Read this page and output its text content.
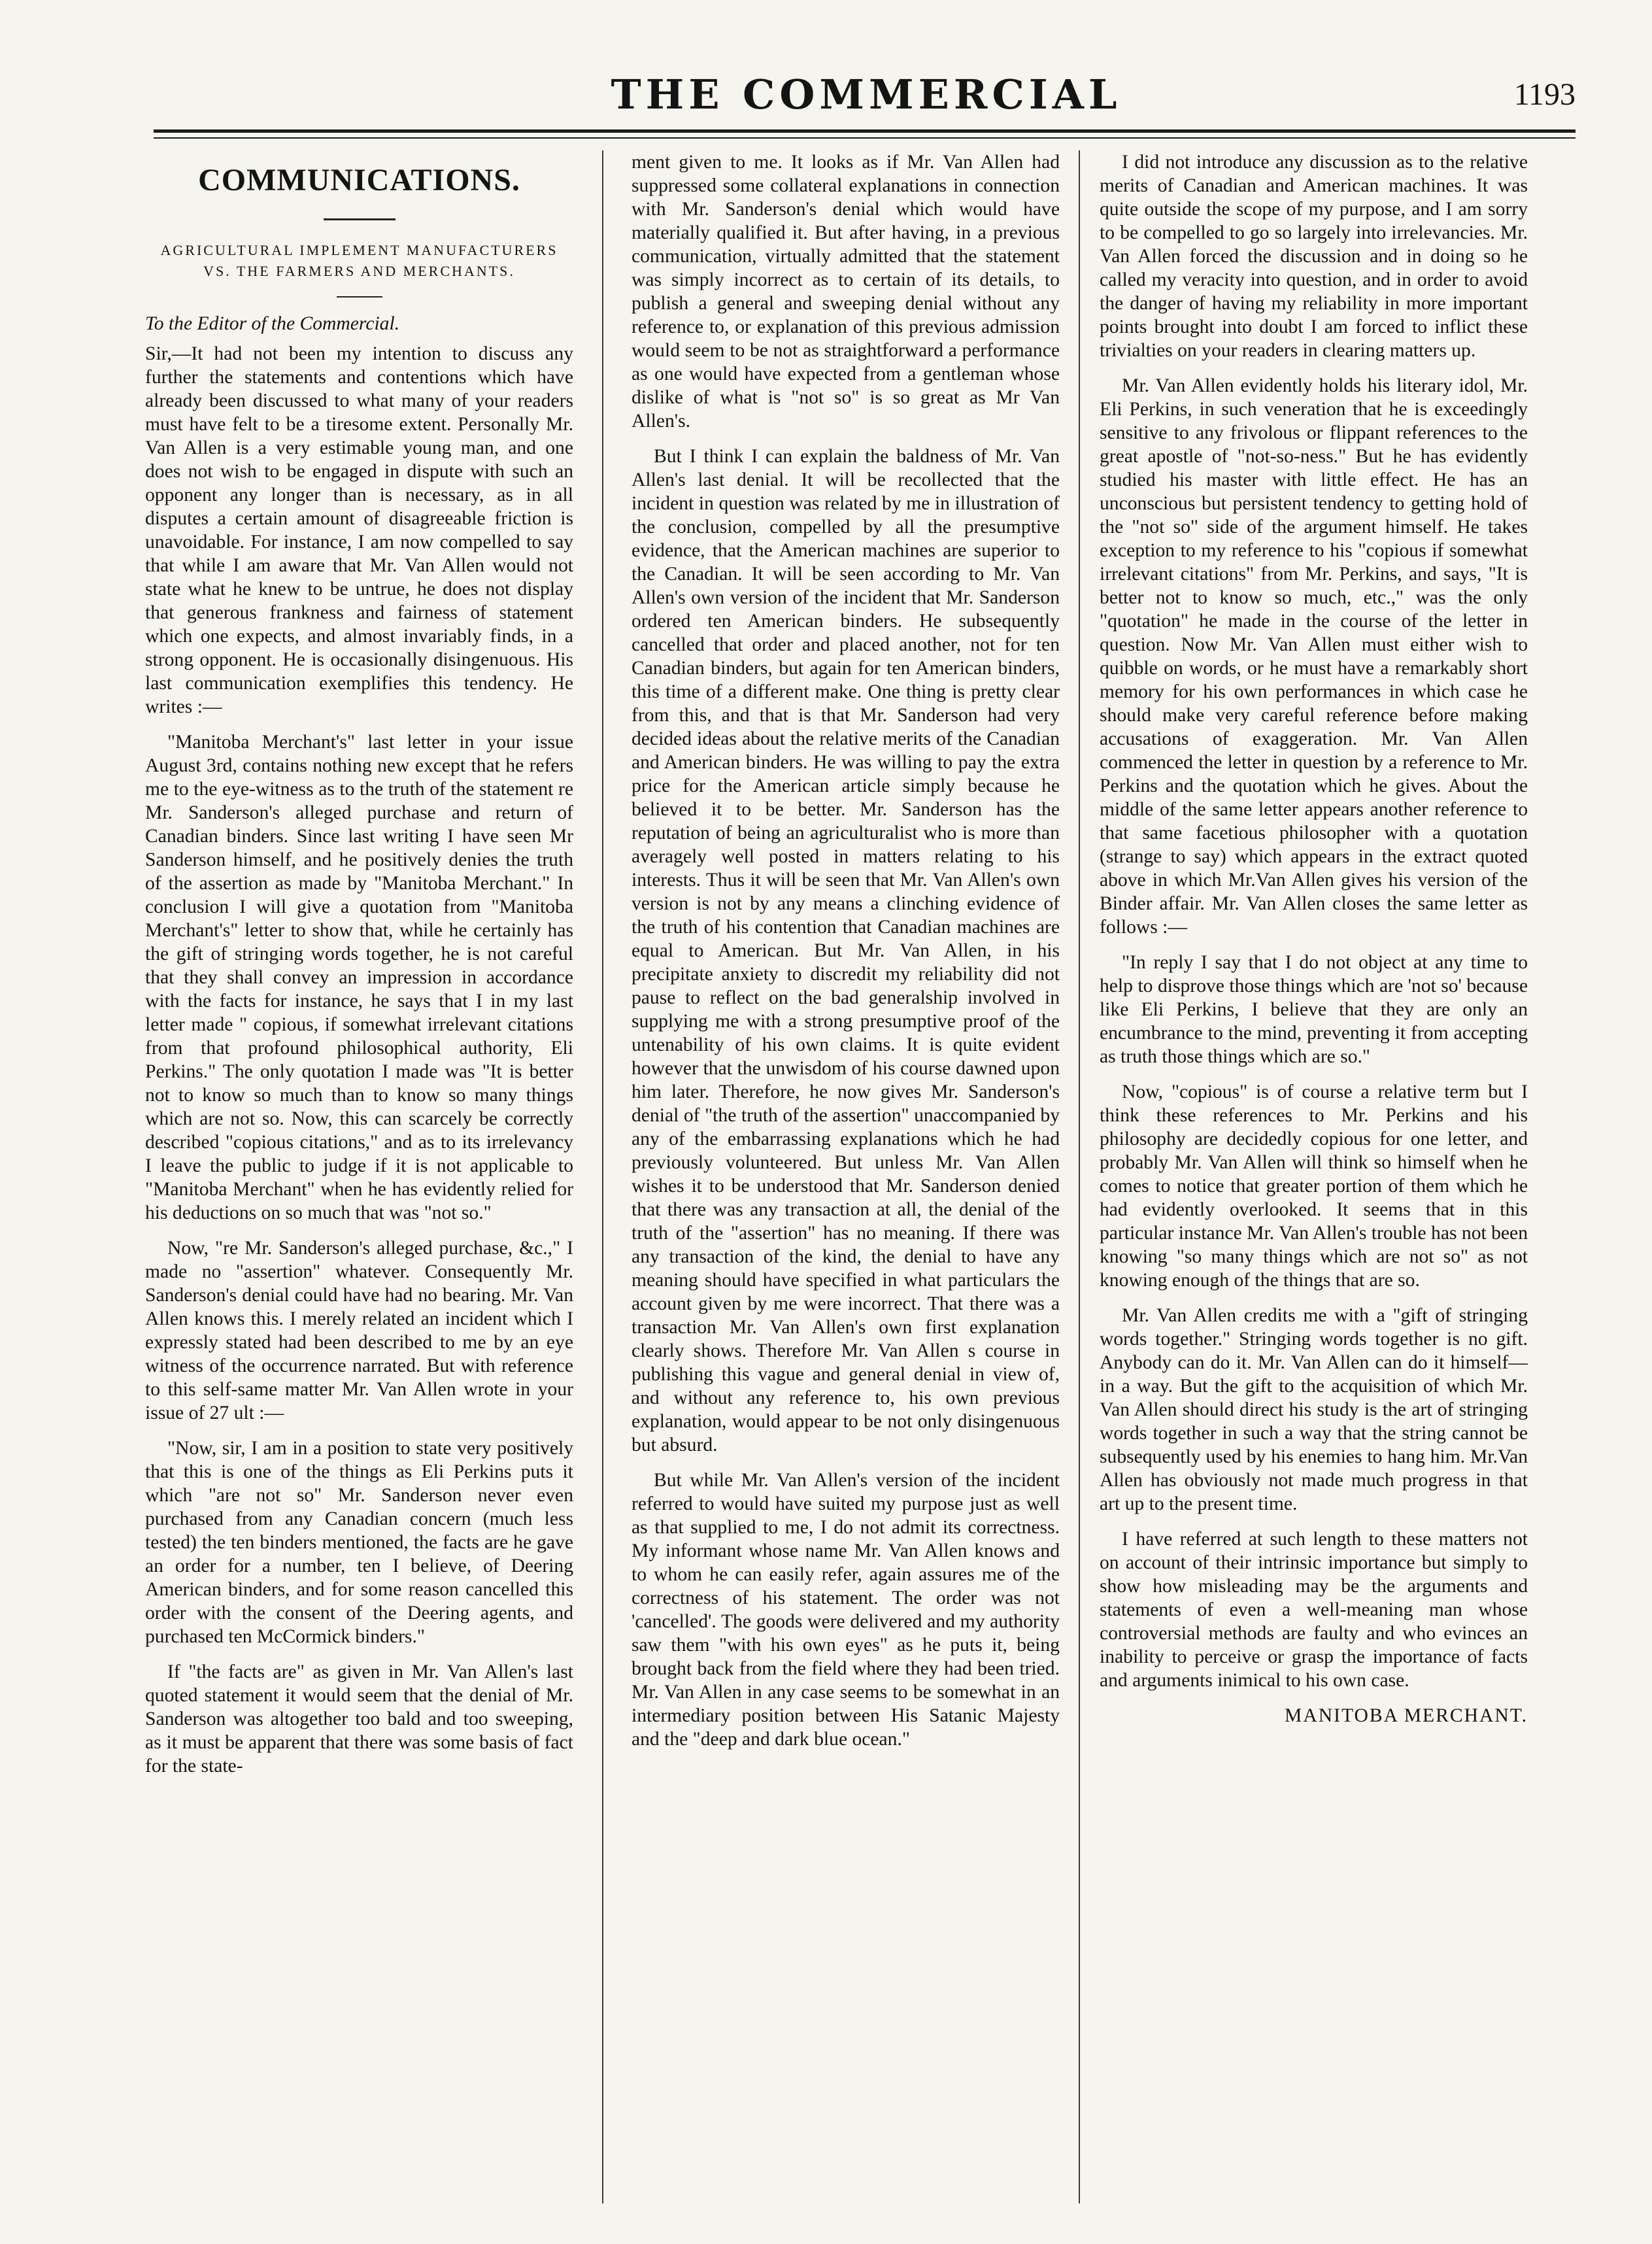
THE COMMERCIAL	1193
COMMUNICATIONS.
AGRICULTURAL IMPLEMENT MANUFACTURERS VS. THE FARMERS AND MERCHANTS.

To the Editor of the Commercial.

Sir,—It had not been my intention to discuss any further the statements and contentions which have already been discussed to what many of your readers must have felt to be a tiresome extent. Personally Mr. Van Allen is a very estimable young man, and one does not wish to be engaged in dispute with such an opponent any longer than is necessary, as in all disputes a certain amount of disagreeable friction is unavoidable. For instance, I am now compelled to say that while I am aware that Mr. Van Allen would not state what he knew to be untrue, he does not display that generous frankness and fairness of statement which one expects, and almost invariably finds, in a strong opponent. He is occasionally disingenuous. His last communication exemplifies this tendency. He writes :—

"Manitoba Merchant's" last letter in your issue August 3rd, contains nothing new except that he refers me to the eye-witness as to the truth of the statement re Mr. Sanderson's alleged purchase and return of Canadian binders. Since last writing I have seen Mr Sanderson himself, and he positively denies the truth of the assertion as made by "Manitoba Merchant." In conclusion I will give a quotation from "Manitoba Merchant's" letter to show that, while he certainly has the gift of stringing words together, he is not careful that they shall convey an impression in accordance with the facts for instance, he says that I in my last letter made " copious, if somewhat irrelevant citations from that profound philosophical authority, Eli Perkins." The only quotation I made was "It is better not to know so much than to know so many things which are not so. Now, this can scarcely be correctly described "copious citations," and as to its irrelevancy I leave the public to judge if it is not applicable to "Manitoba Merchant" when he has evidently relied for his deductions on so much that was "not so."

Now, "re Mr. Sanderson's alleged purchase, &c.," I made no "assertion" whatever. Consequently Mr. Sanderson's denial could have had no bearing. Mr. Van Allen knows this. I merely related an incident which I expressly stated had been described to me by an eye witness of the occurrence narrated. But with reference to this self-same matter Mr. Van Allen wrote in your issue of 27 ult :—

"Now, sir, I am in a position to state very positively that this is one of the things as Eli Perkins puts it which "are not so" Mr. Sanderson never even purchased from any Canadian concern (much less tested) the ten binders mentioned, the facts are he gave an order for a number, ten I believe, of Deering American binders, and for some reason cancelled this order with the consent of the Deering agents, and purchased ten McCormick binders."

If "the facts are" as given in Mr. Van Allen's last quoted statement it would seem that the denial of Mr. Sanderson was altogether too bald and too sweeping, as it must be apparent that there was some basis of fact for the state-

ment given to me. It looks as if Mr. Van Allen had suppressed some collateral explanations in connection with Mr. Sanderson's denial which would have materially qualified it. But after having, in a previous communication, virtually admitted that the statement was simply incorrect as to certain of its details, to publish a general and sweeping denial without any reference to, or explanation of this previous admission would seem to be not as straightforward a performance as one would have expected from a gentleman whose dislike of what is "not so" is so great as Mr Van Allen's.

But I think I can explain the baldness of Mr. Van Allen's last denial. It will be recollected that the incident in question was related by me in illustration of the conclusion, compelled by all the presumptive evidence, that the American machines are superior to the Canadian. It will be seen according to Mr. Van Allen's own version of the incident that Mr. Sanderson ordered ten American binders. He subsequently cancelled that order and placed another, not for ten Canadian binders, but again for ten American binders, this time of a different make. One thing is pretty clear from this, and that is that Mr. Sanderson had very decided ideas about the relative merits of the Canadian and American binders. He was willing to pay the extra price for the American article simply because he believed it to be better. Mr. Sanderson has the reputation of being an agriculturalist who is more than averagely well posted in matters relating to his interests. Thus it will be seen that Mr. Van Allen's own version is not by any means a clinching evidence of the truth of his contention that Canadian machines are equal to American. But Mr. Van Allen, in his precipitate anxiety to discredit my reliability did not pause to reflect on the bad generalship involved in supplying me with a strong presumptive proof of the untenability of his own claims. It is quite evident however that the unwisdom of his course dawned upon him later. Therefore, he now gives Mr. Sanderson's denial of "the truth of the assertion" unaccompanied by any of the embarrassing explanations which he had previously volunteered. But unless Mr. Van Allen wishes it to be understood that Mr. Sanderson denied that there was any transaction at all, the denial of the truth of the "assertion" has no meaning. If there was any transaction of the kind, the denial to have any meaning should have specified in what particulars the account given by me were incorrect. That there was a transaction Mr. Van Allen's own first explanation clearly shows. Therefore Mr. Van Allen s course in publishing this vague and general denial in view of, and without any reference to, his own previous explanation, would appear to be not only disingenuous but absurd.

But while Mr. Van Allen's version of the incident referred to would have suited my purpose just as well as that supplied to me, I do not admit its correctness. My informant whose name Mr. Van Allen knows and to whom he can easily refer, again assures me of the correctness of his statement. The order was not 'cancelled'. The goods were delivered and my authority saw them "with his own eyes" as he puts it, being brought back from the field where they had been tried. Mr. Van Allen in any case seems to be somewhat in an intermediary position between His Satanic Majesty and the "deep and dark blue ocean."

I did not introduce any discussion as to the relative merits of Canadian and American machines. It was quite outside the scope of my purpose, and I am sorry to be compelled to go so largely into irrelevancies. Mr. Van Allen forced the discussion and in doing so he called my veracity into question, and in order to avoid the danger of having my reliability in more important points brought into doubt I am forced to inflict these trivialties on your readers in clearing matters up.

Mr. Van Allen evidently holds his literary idol, Mr. Eli Perkins, in such veneration that he is exceedingly sensitive to any frivolous or flippant references to the great apostle of "not-so-ness." But he has evidently studied his master with little effect. He has an unconscious but persistent tendency to getting hold of the "not so" side of the argument himself. He takes exception to my reference to his "copious if somewhat irrelevant citations" from Mr. Perkins, and says, "It is better not to know so much, etc.," was the only "quotation" he made in the course of the letter in question. Now Mr. Van Allen must either wish to quibble on words, or he must have a remarkably short memory for his own performances in which case he should make very careful reference before making accusations of exaggeration. Mr. Van Allen commenced the letter in question by a reference to Mr. Perkins and the quotation which he gives. About the middle of the same letter appears another reference to that same facetious philosopher with a quotation (strange to say) which appears in the extract quoted above in which Mr.Van Allen gives his version of the Binder affair. Mr. Van Allen closes the same letter as follows :—

"In reply I say that I do not object at any time to help to disprove those things which are 'not so' because like Eli Perkins, I believe that they are only an encumbrance to the mind, preventing it from accepting as truth those things which are so."

Now, "copious" is of course a relative term but I think these references to Mr. Perkins and his philosophy are decidedly copious for one letter, and probably Mr. Van Allen will think so himself when he comes to notice that greater portion of them which he had evidently overlooked. It seems that in this particular instance Mr. Van Allen's trouble has not been knowing "so many things which are not so" as not knowing enough of the things that are so.

Mr. Van Allen credits me with a "gift of stringing words together." Stringing words together is no gift. Anybody can do it. Mr. Van Allen can do it himself—in a way. But the gift to the acquisition of which Mr. Van Allen should direct his study is the art of stringing words together in such a way that the string cannot be subsequently used by his enemies to hang him. Mr.Van Allen has obviously not made much progress in that art up to the present time.

I have referred at such length to these matters not on account of their intrinsic importance but simply to show how misleading may be the arguments and statements of even a well-meaning man whose controversial methods are faulty and who evinces an inability to perceive or grasp the importance of facts and arguments inimical to his own case.

MANITOBA MERCHANT.
